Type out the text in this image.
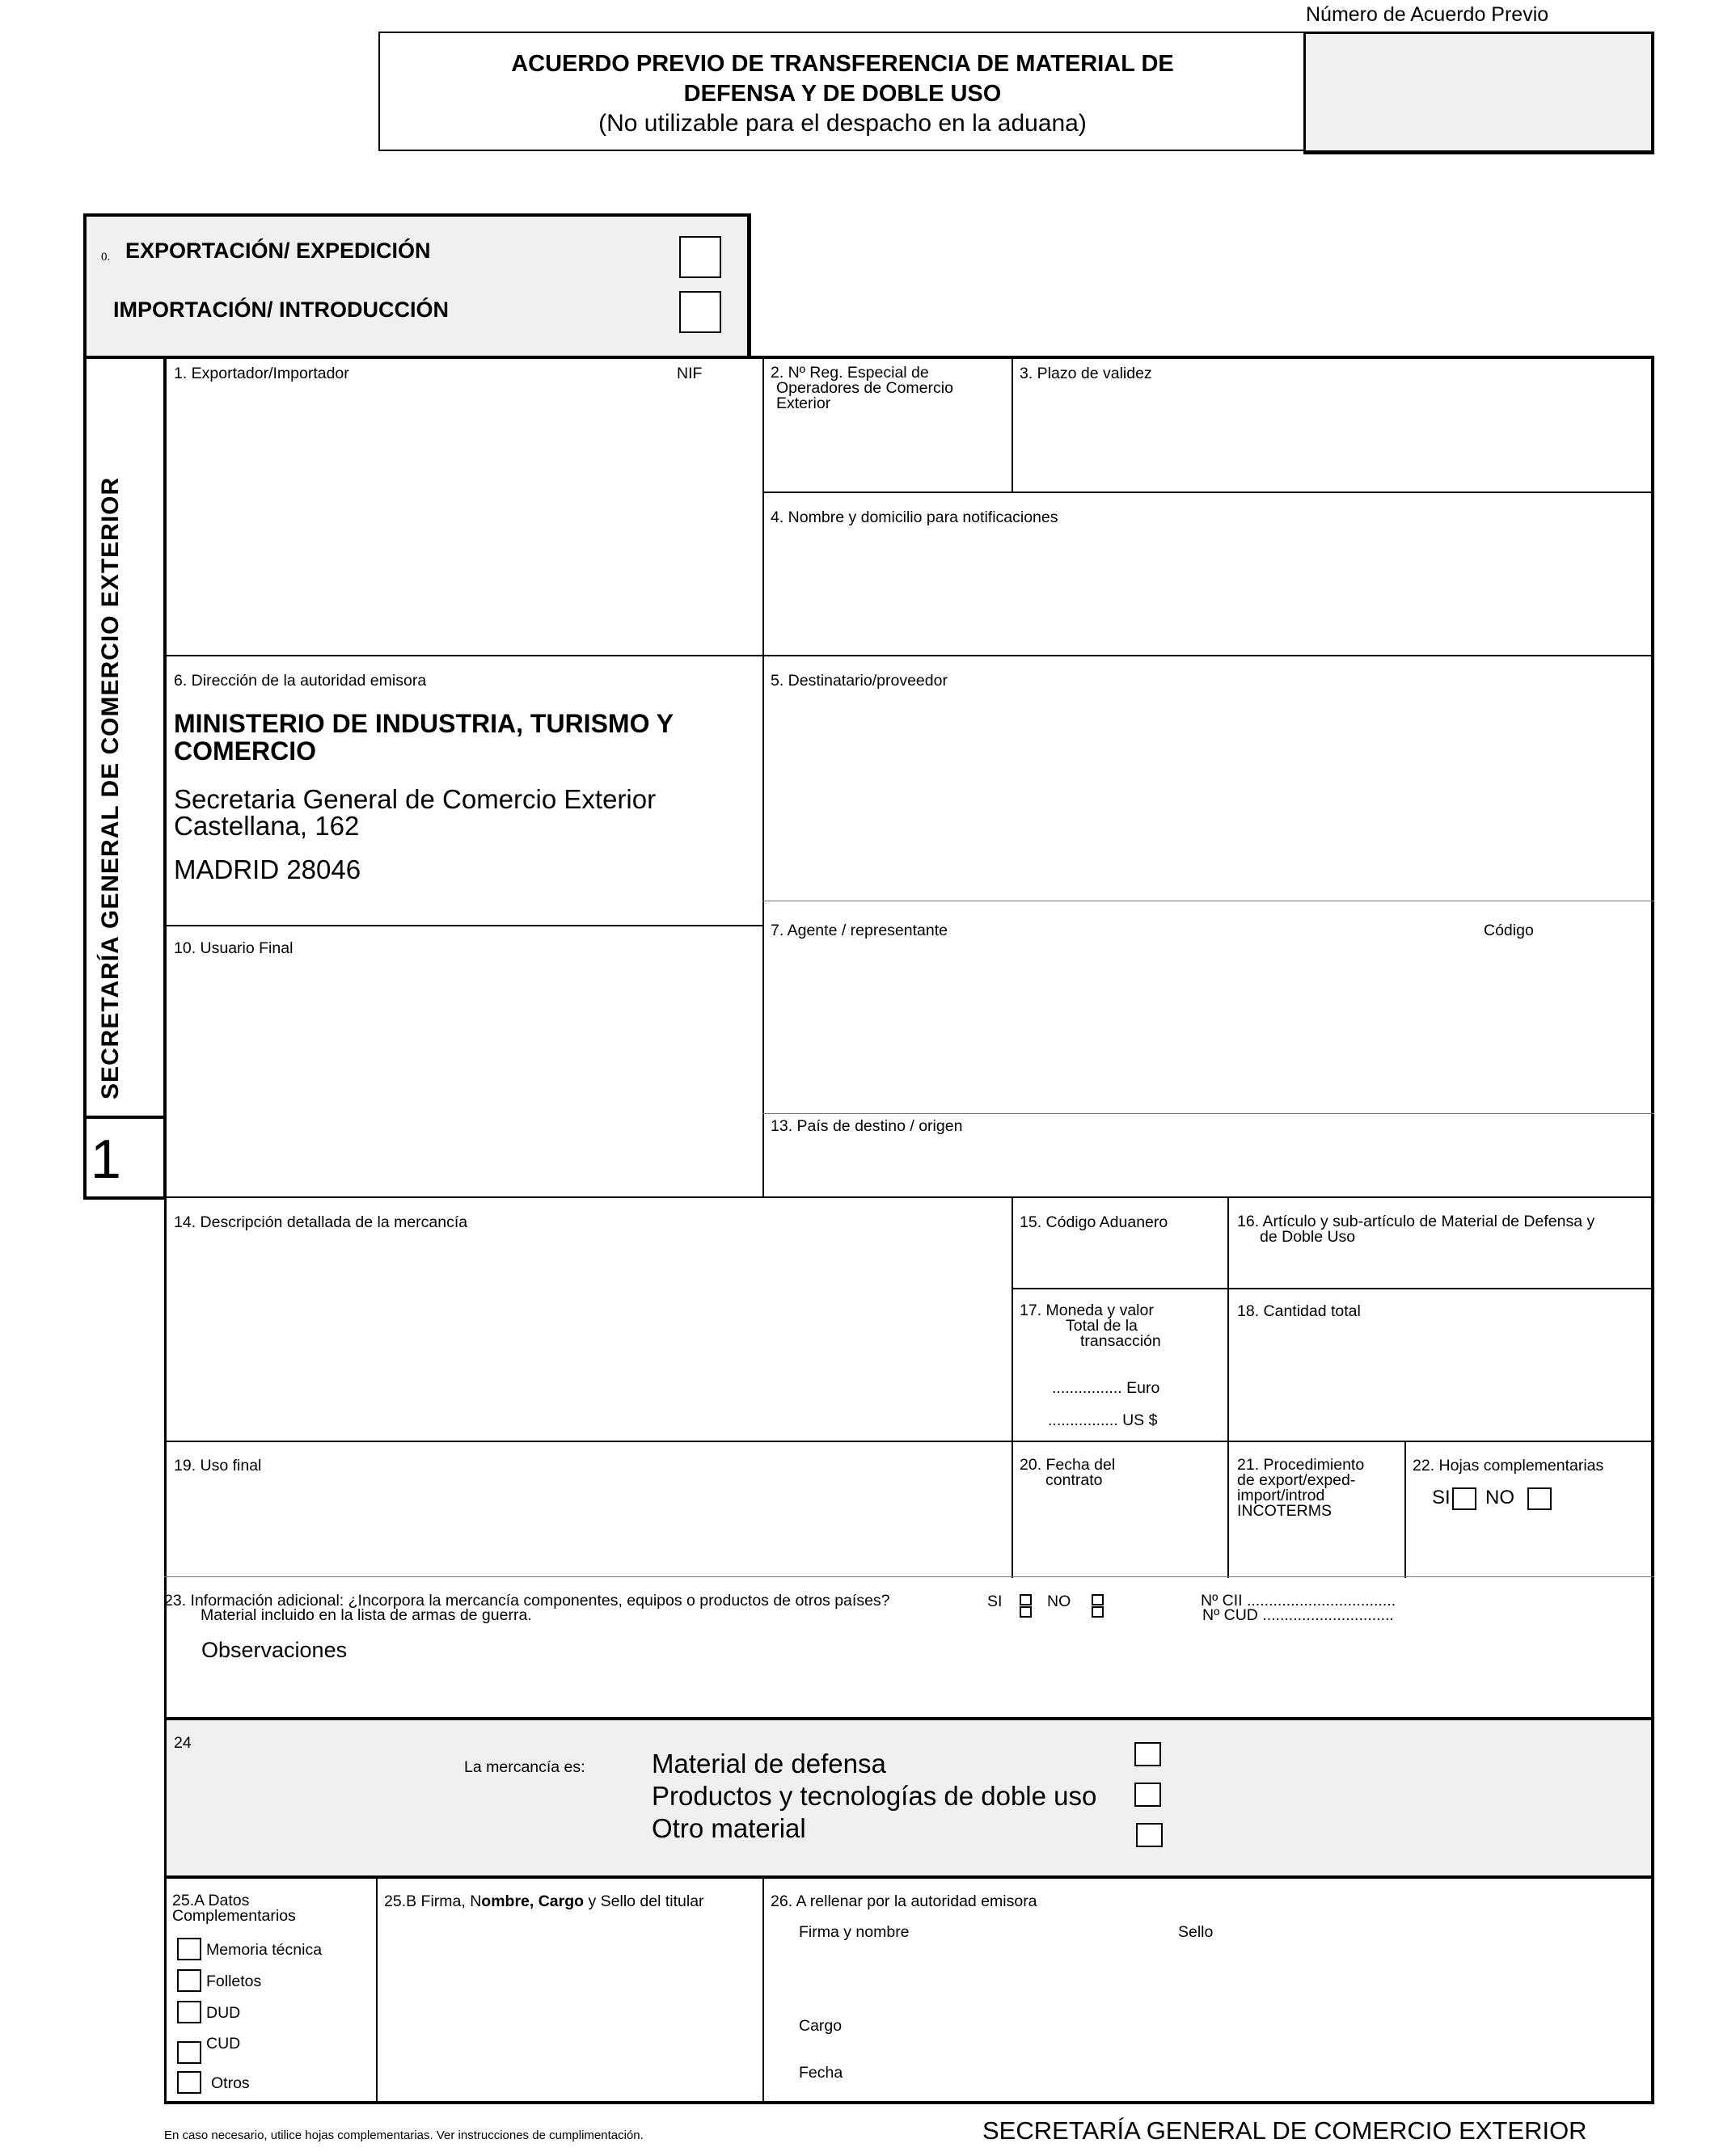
Número de Acuerdo Previo
ACUERDO PREVIO DE TRANSFERENCIA DE MATERIAL DE
DEFENSA Y DE DOBLE USO
(No utilizable para el despacho en la aduana)
0. EXPORTACIÓN/ EXPEDICIÓN
IMPORTACIÓN/ INTRODUCCIÓN
SECRETARÍA GENERAL DE COMERCIO EXTERIOR
1
1. Exportador/Importador	NIF	2. Nº Reg. Especial de
Operadores de Comercio
Exterior
3. Plazo de validez
4. Nombre y domicilio para notificaciones
5. Destinatario/proveedor
6. Dirección de la autoridad emisora
MINISTERIO DE INDUSTRIA, TURISMO Y
COMERCIO
Secretaria General de Comercio Exterior
Castellana, 162
MADRID 28046
7. Agente / representante	Código
10. Usuario Final
13. País de destino / origen
14. Descripción detallada de la mercancía	15. Código Aduanero	16. Artículo y sub-artículo de Material de Defensa y
de Doble Uso
17. Moneda y valor
Total de la
transacción
................ Euro
................ US $
18. Cantidad total
19. Uso final	20. Fecha del
contrato
21. Procedimiento
de export/exped-
import/introd
INCOTERMS
22. Hojas complementarias
SI NO
23. Información adicional: ¿Incorpora la mercancía componentes, equipos o productos de otros países?
Material incluido en la lista de armas de guerra.
SI	NO	Nº CII ..................................
Nº CUD ..............................
Observaciones
24
La mercancía es: Material de defensa
Productos y tecnologías de doble uso
Otro material
25.A Datos
Complementarios
Memoria técnica
Folletos
DUD
CUD
Otros
25.B Firma, Nombre, Cargo y Sello del titular	26. A rellenar por la autoridad emisora
Firma y nombre	Sello
Cargo
Fecha
En caso necesario, utilice hojas complementarias. Ver instrucciones de cumplimentación.	SECRETARÍA GENERAL DE COMERCIO EXTERIOR
